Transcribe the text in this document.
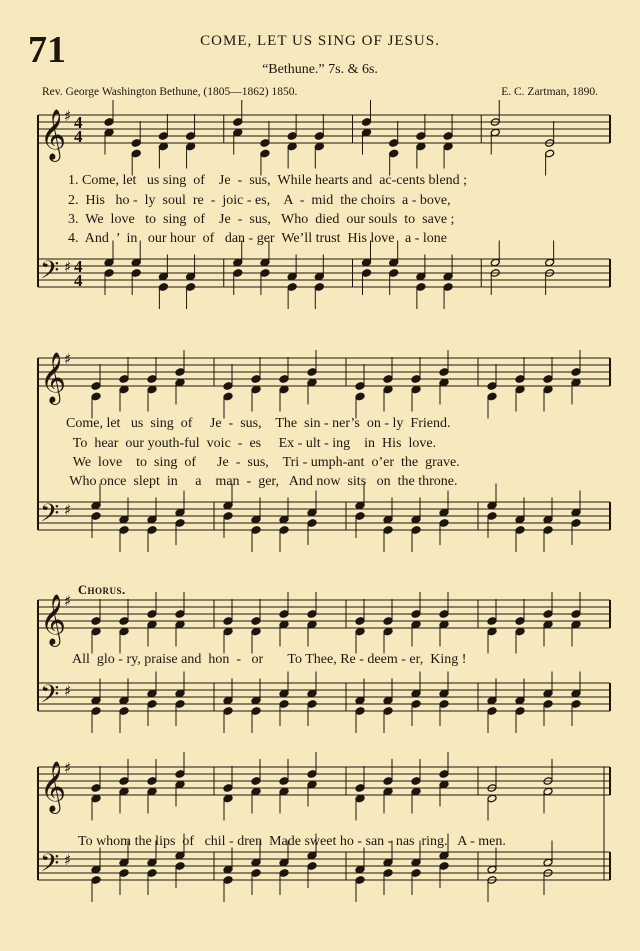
71	COME, LET US SING OF JESUS.
“Bethune.” 7s. & 6s.
Rev. George Washington Bethune, (1805—1862) 1850.	E. C. Zartman, 1890.
𝄞
♯ 4
4
𝄢 ♯ 4
4
𝄞
♯
𝄢 ♯
𝄞
♯
𝄢 ♯
𝄞
♯
𝄢 ♯
1. Come, let   us sing  of    Je  -  sus,  While hearts and  ac-cents blend ;
2.  His   ho -  ly  soul  re  -  joic - es,    A  -  mid  the choirs  a - bove,
3.  We  love   to  sing  of    Je  -  sus,   Who  died  our souls  to  save ;
4.  And  ’  in   our hour  of   dan - ger  We’ll trust  His love   a - lone
Come, let   us  sing  of     Je  -  sus,    The  sin - ner’s  on - ly  Friend.
To  hear  our youth-ful  voic  -  es     Ex - ult - ing    in  His  love.
We  love    to  sing  of      Je  -  sus,    Tri - umph-ant  o’er  the  grave.
Who once  slept  in     a    man  -  ger,   And now  sits   on  the throne.
Chorus.
All  glo - ry, praise and  hon  -   or       To Thee, Re - deem - er,  King !
To whom the lips  of   chil - dren  Made sweet ho - san - nas  ring.   A - men.
